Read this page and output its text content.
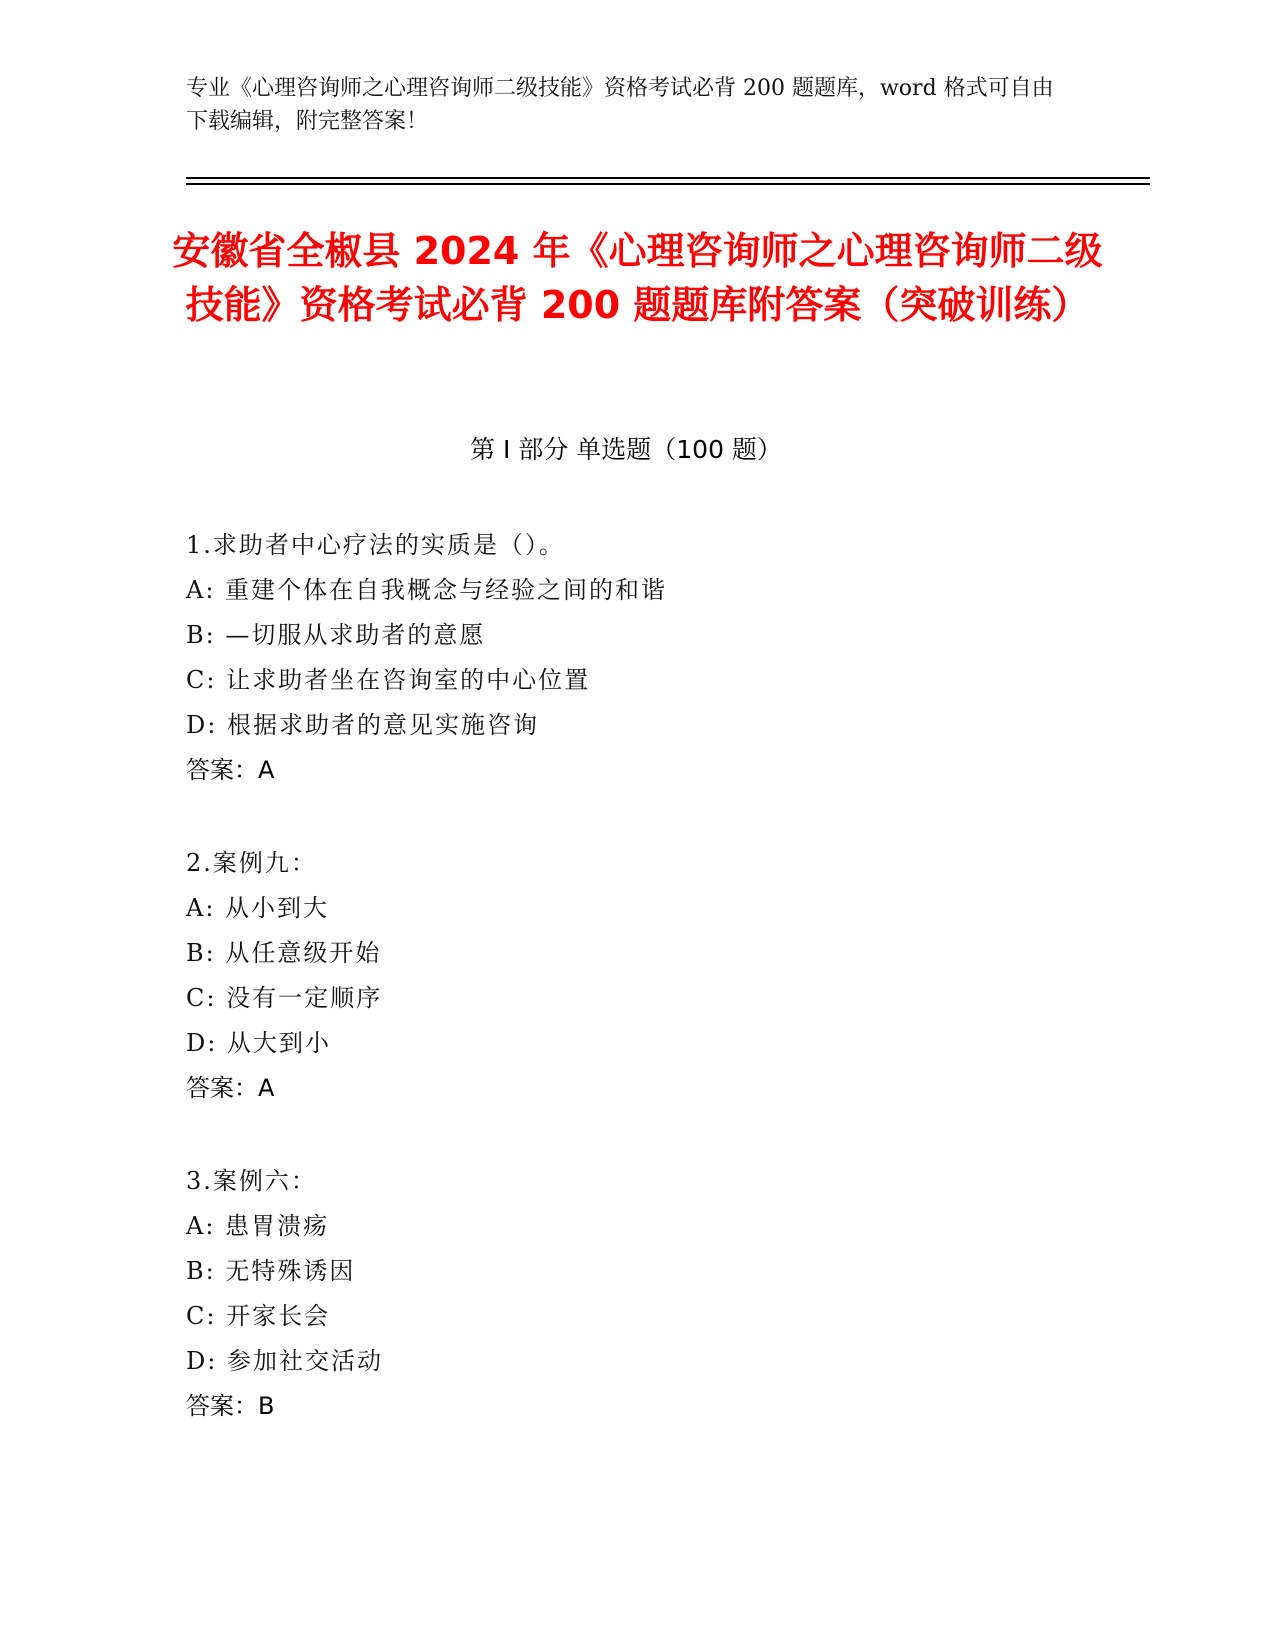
专业《心理咨询师之心理咨询师二级技能》资格考试必背 200 题题库，word 格式可自由下载编辑，附完整答案！
安徽省全椒县 2024 年《心理咨询师之心理咨询师二级技能》资格考试必背 200 题题库附答案（突破训练）
第 I 部分 单选题（100 题）
1.求助者中心疗法的实质是（）。
A: 重建个体在自我概念与经验之间的和谐
B: —切服从求助者的意愿
C: 让求助者坐在咨询室的中心位置
D: 根据求助者的意见实施咨询
答案：A
2.案例九：
A: 从小到大
B: 从任意级开始
C: 没有一定顺序
D: 从大到小
答案：A
3.案例六：
A: 患胃溃疡
B: 无特殊诱因
C: 开家长会
D: 参加社交活动
答案：B
